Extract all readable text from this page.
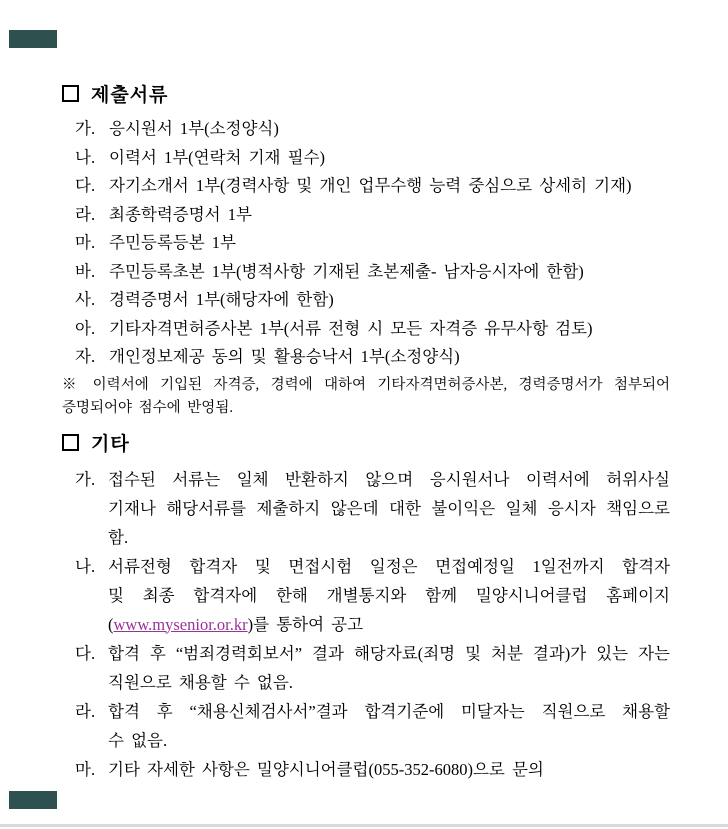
제출서류
가. 응시원서 1부(소정양식)
나. 이력서 1부(연락처 기재 필수)
다. 자기소개서 1부(경력사항 및 개인 업무수행 능력 중심으로 상세히 기재)
라. 최종학력증명서 1부
마. 주민등록등본 1부
바. 주민등록초본 1부(병적사항 기재된 초본제출- 남자응시자에 한함)
사. 경력증명서 1부(해당자에 한함)
아. 기타자격면허증사본 1부(서류 전형 시 모든 자격증 유무사항 검토)
자. 개인정보제공 동의 및 활용승낙서 1부(소정양식)
※ 이력서에 기입된 자격증, 경력에 대하여 기타자격면허증사본, 경력증명서가 첨부되어
증명되어야 점수에 반영됨.
기타
가. 접수된 서류는 일체 반환하지 않으며 응시원서나 이력서에 허위사실
기재나 해당서류를 제출하지 않은데 대한 불이익은 일체 응시자 책임으로 함.
나. 서류전형 합격자 및 면접시험 일정은 면접예정일 1일전까지 합격자
및 최종 합격자에 한해 개별통지와 함께 밀양시니어클럽 홈페이지
(www.mysenior.or.kr)를 통하여 공고
다. 합격 후 “범죄경력회보서” 결과 해당자료(죄명 및 처분 결과)가 있는 자는
직원으로 채용할 수 없음.
라. 합격 후 “채용신체검사서”결과 합격기준에 미달자는 직원으로 채용할
수 없음.
마. 기타 자세한 사항은 밀양시니어클럽(055-352-6080)으로 문의
